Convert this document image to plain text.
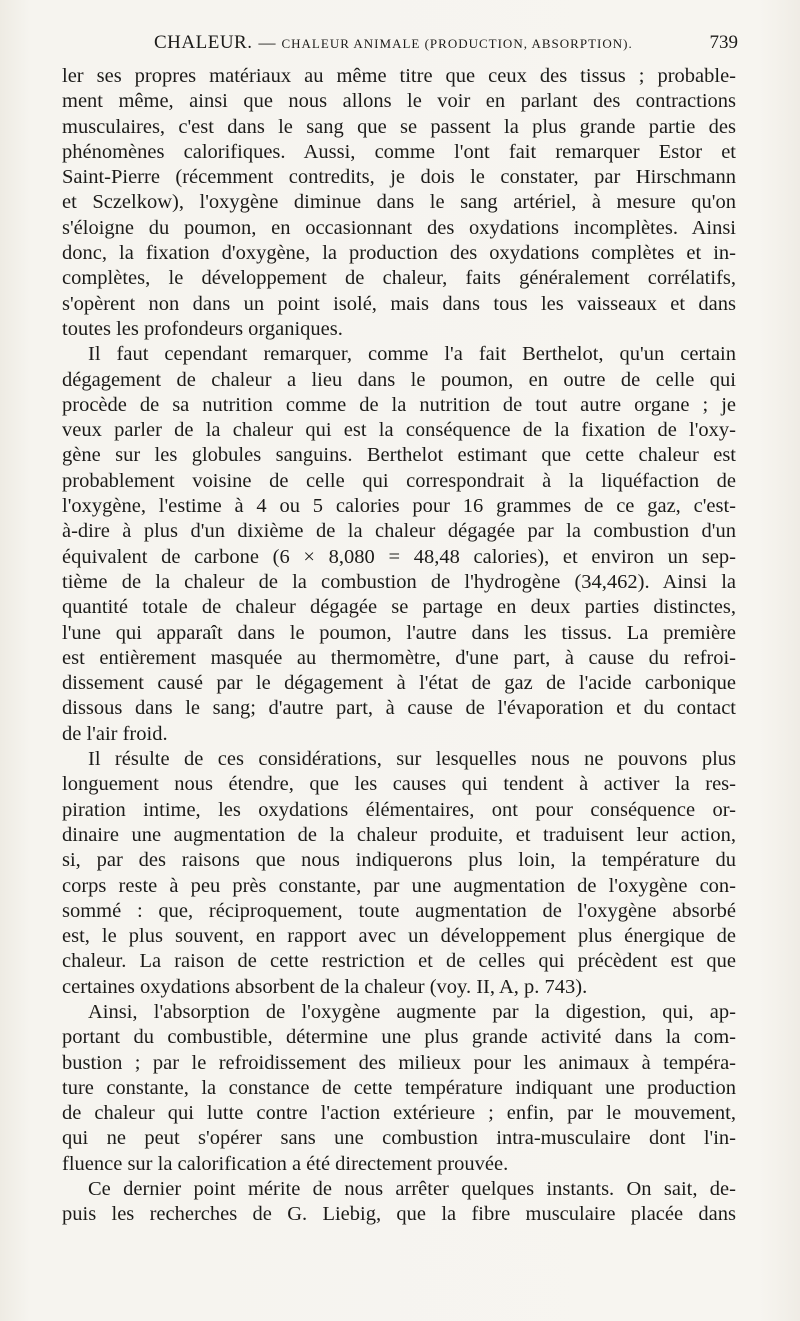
CHALEUR. — CHALEUR ANIMALE (PRODUCTION, ABSORPTION).	739
ler ses propres matériaux au même titre que ceux des tissus ; probable-
ment même, ainsi que nous allons le voir en parlant des contractions
musculaires, c'est dans le sang que se passent la plus grande partie des
phénomènes calorifiques. Aussi, comme l'ont fait remarquer Estor et
Saint-Pierre (récemment contredits, je dois le constater, par Hirschmann
et Sczelkow), l'oxygène diminue dans le sang artériel, à mesure qu'on
s'éloigne du poumon, en occasionnant des oxydations incomplètes. Ainsi
donc, la fixation d'oxygène, la production des oxydations complètes et in-
complètes, le développement de chaleur, faits généralement corrélatifs,
s'opèrent non dans un point isolé, mais dans tous les vaisseaux et dans
toutes les profondeurs organiques.
Il faut cependant remarquer, comme l'a fait Berthelot, qu'un certain
dégagement de chaleur a lieu dans le poumon, en outre de celle qui
procède de sa nutrition comme de la nutrition de tout autre organe ; je
veux parler de la chaleur qui est la conséquence de la fixation de l'oxy-
gène sur les globules sanguins. Berthelot estimant que cette chaleur est
probablement voisine de celle qui correspondrait à la liquéfaction de
l'oxygène, l'estime à 4 ou 5 calories pour 16 grammes de ce gaz, c'est-
à-dire à plus d'un dixième de la chaleur dégagée par la combustion d'un
équivalent de carbone (6 × 8,080 = 48,48 calories), et environ un sep-
tième de la chaleur de la combustion de l'hydrogène (34,462). Ainsi la
quantité totale de chaleur dégagée se partage en deux parties distinctes,
l'une qui apparaît dans le poumon, l'autre dans les tissus. La première
est entièrement masquée au thermomètre, d'une part, à cause du refroi-
dissement causé par le dégagement à l'état de gaz de l'acide carbonique
dissous dans le sang; d'autre part, à cause de l'évaporation et du contact
de l'air froid.
Il résulte de ces considérations, sur lesquelles nous ne pouvons plus
longuement nous étendre, que les causes qui tendent à activer la res-
piration intime, les oxydations élémentaires, ont pour conséquence or-
dinaire une augmentation de la chaleur produite, et traduisent leur action,
si, par des raisons que nous indiquerons plus loin, la température du
corps reste à peu près constante, par une augmentation de l'oxygène con-
sommé : que, réciproquement, toute augmentation de l'oxygène absorbé
est, le plus souvent, en rapport avec un développement plus énergique de
chaleur. La raison de cette restriction et de celles qui précèdent est que
certaines oxydations absorbent de la chaleur (voy. II, A, p. 743).
Ainsi, l'absorption de l'oxygène augmente par la digestion, qui, ap-
portant du combustible, détermine une plus grande activité dans la com-
bustion ; par le refroidissement des milieux pour les animaux à tempéra-
ture constante, la constance de cette température indiquant une production
de chaleur qui lutte contre l'action extérieure ; enfin, par le mouvement,
qui ne peut s'opérer sans une combustion intra-musculaire dont l'in-
fluence sur la calorification a été directement prouvée.
Ce dernier point mérite de nous arrêter quelques instants. On sait, de-
puis les recherches de G. Liebig, que la fibre musculaire placée dans
